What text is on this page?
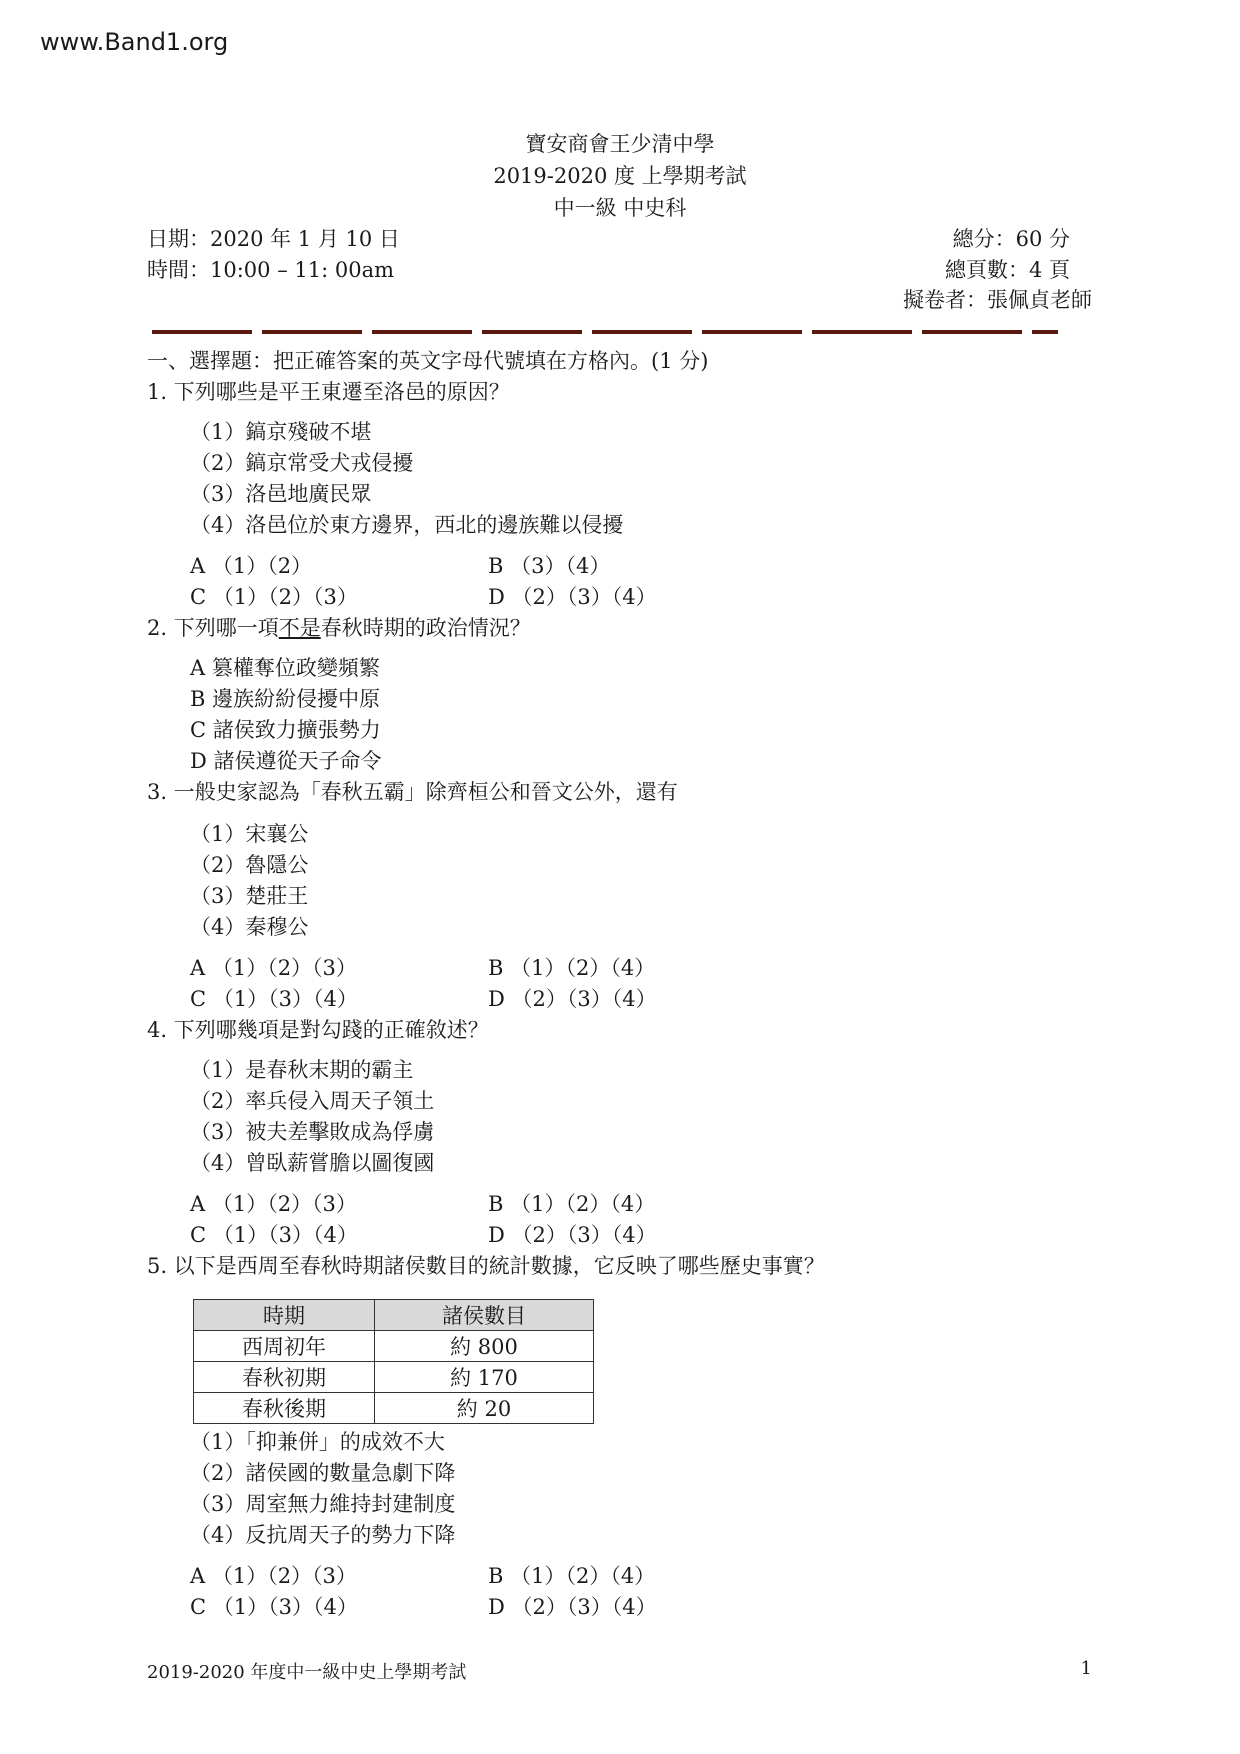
www.Band1.org
寶安商會王少清中學
2019-2020 度 上學期考試
中一級 中史科
日期：2020 年 1 月 10 日
時間：10:00 – 11: 00am
總分：60 分
總頁數：4 頁
擬卷者：張佩貞老師
一、選擇題：把正確答案的英文字母代號填在方格內。(1 分)
1. 下列哪些是平王東遷至洛邑的原因？
（1）鎬京殘破不堪
（2）鎬京常受犬戎侵擾
（3）洛邑地廣民眾
（4）洛邑位於東方邊界，西北的邊族難以侵擾
A （1）（2）	B （3）（4）
C （1）（2）（3）	D （2）（3）（4）
2. 下列哪一項不是春秋時期的政治情況？
A 篡權奪位政變頻繁
B 邊族紛紛侵擾中原
C 諸侯致力擴張勢力
D 諸侯遵從天子命令
3. 一般史家認為「春秋五霸」除齊桓公和晉文公外，還有
（1）宋襄公
（2）魯隱公
（3）楚莊王
（4）秦穆公
A （1）（2）（3）	B （1）（2）（4）
C （1）（3）（4）	D （2）（3）（4）
4. 下列哪幾項是對勾踐的正確敘述？
（1）是春秋末期的霸主
（2）率兵侵入周天子領土
（3）被夫差擊敗成為俘虜
（4）曾臥薪嘗膽以圖復國
A （1）（2）（3）	B （1）（2）（4）
C （1）（3）（4）	D （2）（3）（4）
5. 以下是西周至春秋時期諸侯數目的統計數據，它反映了哪些歷史事實？
時期	諸侯數目
西周初年	約 800
春秋初期	約 170
春秋後期	約 20
（1）「抑兼併」的成效不大
（2）諸侯國的數量急劇下降
（3）周室無力維持封建制度
（4）反抗周天子的勢力下降
A （1）（2）（3）	B （1）（2）（4）
C （1）（3）（4）	D （2）（3）（4）
2019-2020 年度中一級中史上學期考試	1
